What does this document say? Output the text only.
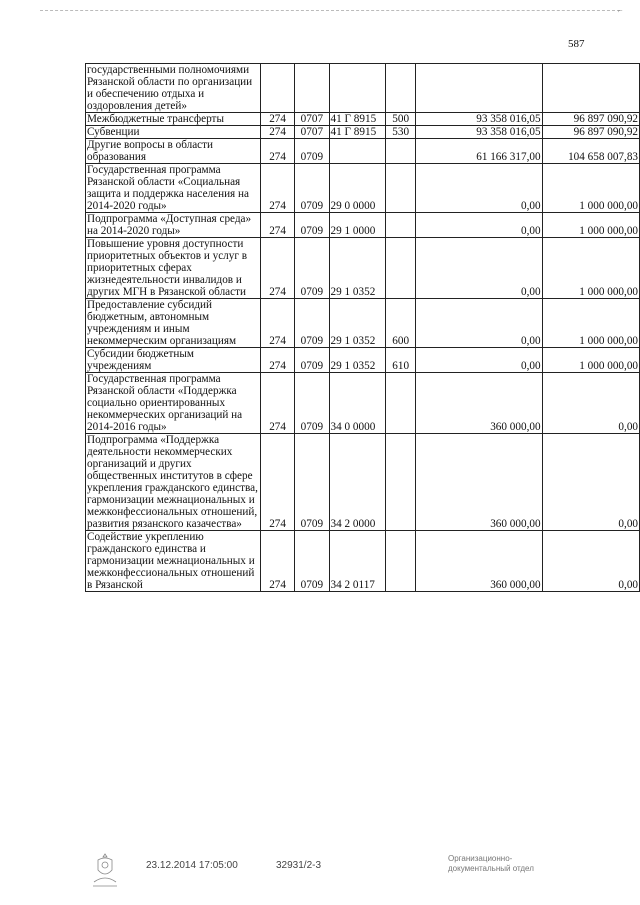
⌐
587
государственными полномочиями Рязанской области по организации и обеспечению отдыха и оздоровления детей»						
Межбюджетные трансферты	274	0707	41 Г 8915	500	93 358 016,05	96 897 090,92
Субвенции	274	0707	41 Г 8915	530	93 358 016,05	96 897 090,92
Другие вопросы в области образования	274	0709			61 166 317,00	104 658 007,83
Государственная программа Рязанской области «Социальная защита и поддержка населения на 2014-2020 годы»	274	0709	29 0 0000		0,00	1 000 000,00
Подпрограмма «Доступная среда» на 2014-2020 годы»	274	0709	29 1 0000		0,00	1 000 000,00
Повышение уровня доступности приоритетных объектов и услуг в приоритетных сферах жизнедеятельности инвалидов и других МГН в Рязанской области	274	0709	29 1 0352		0,00	1 000 000,00
Предоставление субсидий бюджетным, автономным учреждениям и иным некоммерческим организациям	274	0709	29 1 0352	600	0,00	1 000 000,00
Субсидии бюджетным учреждениям	274	0709	29 1 0352	610	0,00	1 000 000,00
Государственная программа Рязанской области «Поддержка социально ориентированных некоммерческих организаций на 2014-2016 годы»	274	0709	34 0 0000		360 000,00	0,00
Подпрограмма «Поддержка деятельности некоммерческих организаций и других общественных институтов в сфере укрепления гражданского единства, гармонизации межнациональных и межконфессиональных отношений, развития рязанского казачества»	274	0709	34 2 0000		360 000,00	0,00
Содействие укреплению гражданского единства и гармонизации межнациональных и межконфессиональных отношений в Рязанской	274	0709	34 2 0117		360 000,00	0,00
23.12.2014 17:05:00	32931/2-3
Организационно-
документальный отдел
